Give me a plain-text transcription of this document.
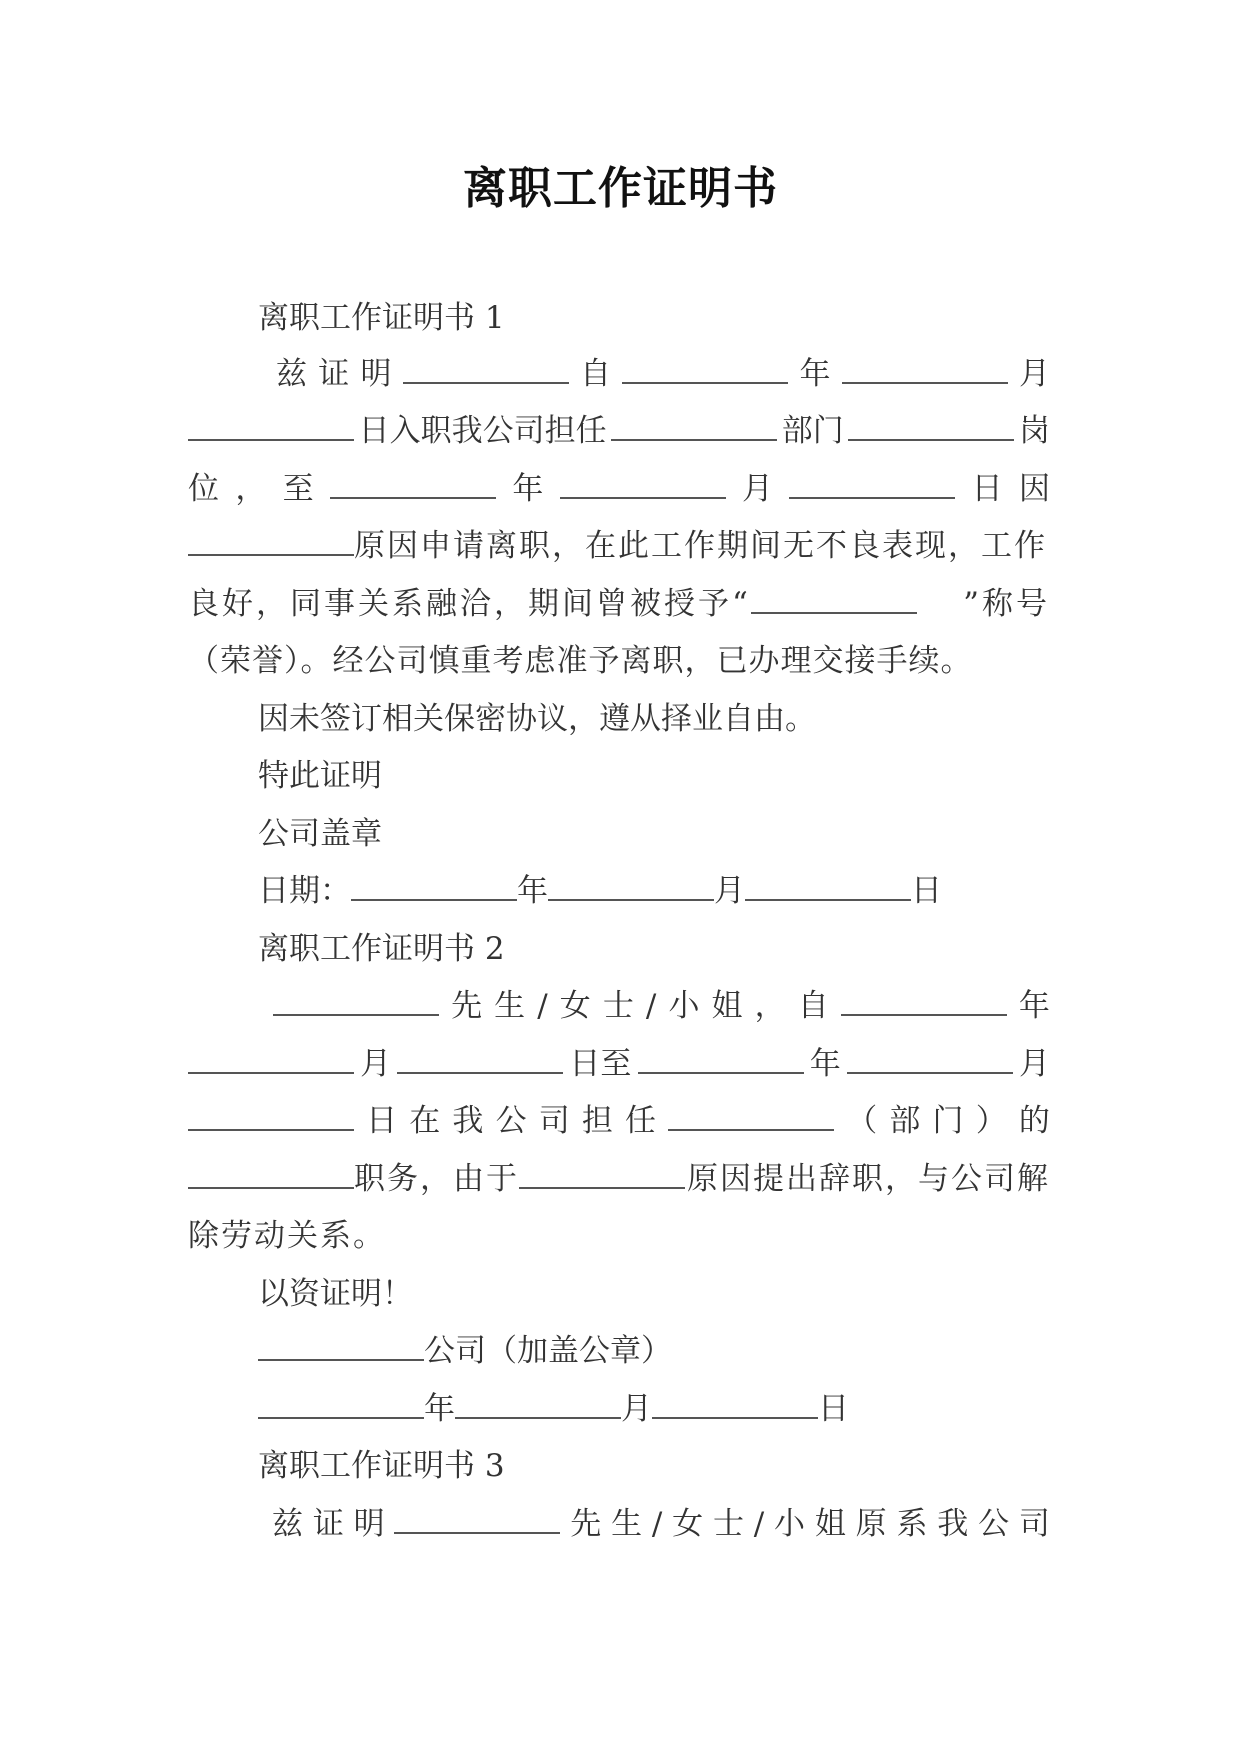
离职工作证明书
离职工作证明书 1
兹 证 明	自	年	月
日入职我公司担任	部门	岗
位 ， 至	年	月	日 因
原因申请离职，在此工作期间无不良表现，工作
良好，同事关系融洽，期间曾被授予“	”称号
（荣誉）。经公司慎重考虑准予离职，已办理交接手续。
因未签订相关保密协议，遵从择业自由。
特此证明
公司盖章
日期：	年	月	日
离职工作证明书 2
先 生 / 女 士 / 小 姐 ， 自	年
月	日至	年	月
日 在 我 公 司 担 任	（ 部 门 ） 的
职务，由于	原因提出辞职，与公司解
除劳动关系。
以资证明！
公司（加盖公章）
年	月	日
离职工作证明书 3
兹 证 明	先 生 / 女 士 / 小 姐 原 系 我 公 司
